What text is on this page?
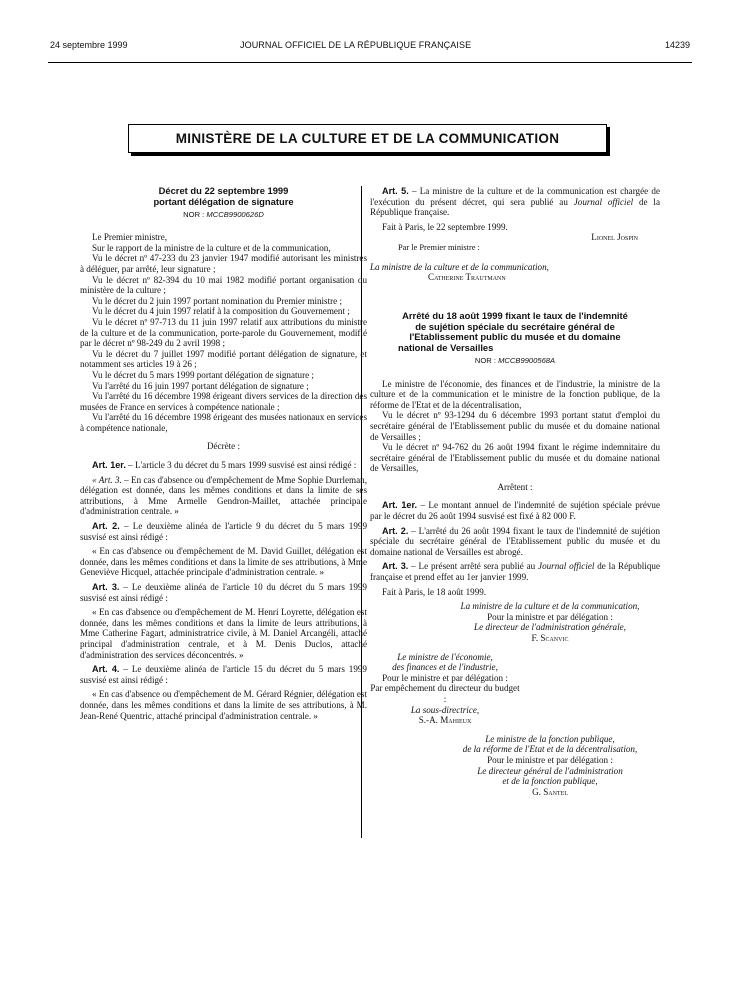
24 septembre 1999	JOURNAL OFFICIEL DE LA RÉPUBLIQUE FRANÇAISE	14239
MINISTÈRE DE LA CULTURE ET DE LA COMMUNICATION
Décret du 22 septembre 1999
portant délégation de signature
NOR : MCCB9900626D

Le Premier ministre,

Sur le rapport de la ministre de la culture et de la communication,

Vu le décret nº 47-233 du 23 janvier 1947 modifié autorisant les ministres à déléguer, par arrêté, leur signature ;

Vu le décret nº 82-394 du 10 mai 1982 modifié portant organisation du ministère de la culture ;

Vu le décret du 2 juin 1997 portant nomination du Premier ministre ;

Vu le décret du 4 juin 1997 relatif à la composition du Gouvernement ;

Vu le décret nº 97-713 du 11 juin 1997 relatif aux attributions du ministre de la culture et de la communication, porte-parole du Gouvernement, modifié par le décret nº 98-249 du 2 avril 1998 ;

Vu le décret du 7 juillet 1997 modifié portant délégation de signature, et notamment ses articles 19 à 26 ;

Vu le décret du 5 mars 1999 portant délégation de signature ;

Vu l'arrêté du 16 juin 1997 portant délégation de signature ;

Vu l'arrêté du 16 décembre 1998 érigeant divers services de la direction des musées de France en services à compétence nationale ;

Vu l'arrêté du 16 décembre 1998 érigeant des musées nationaux en services à compétence nationale,

Décrète :

Art. 1er. – L'article 3 du décret du 5 mars 1999 susvisé est ainsi rédigé :

« Art. 3. – En cas d'absence ou d'empêchement de Mme Sophie Durrleman, délégation est donnée, dans les mêmes conditions et dans la limite de ses attributions, à Mme Armelle Gendron-Maillet, attachée principale d'administration centrale. »

Art. 2. – Le deuxième alinéa de l'article 9 du décret du 5 mars 1999 susvisé est ainsi rédigé :

« En cas d'absence ou d'empêchement de M. David Guillet, délégation est donnée, dans les mêmes conditions et dans la limite de ses attributions, à Mme Geneviève Hicquel, attachée principale d'administration centrale. »

Art. 3. – Le deuxième alinéa de l'article 10 du décret du 5 mars 1999 susvisé est ainsi rédigé :

« En cas d'absence ou d'empêchement de M. Henri Loyrette, délégation est donnée, dans les mêmes conditions et dans la limite de leurs attributions, à Mme Catherine Fagart, administratrice civile, à M. Daniel Arcangéli, attaché principal d'administration centrale, et à M. Denis Duclos, attaché d'administration des services déconcentrés. »

Art. 4. – Le deuxième alinéa de l'article 15 du décret du 5 mars 1999 susvisé est ainsi rédigé :

« En cas d'absence ou d'empêchement de M. Gérard Régnier, délégation est donnée, dans les mêmes conditions et dans la limite de ses attributions, à M. Jean-René Quentric, attaché principal d'administration centrale. »

Art. 5. – La ministre de la culture et de la communication est chargée de l'exécution du présent décret, qui sera publié au Journal officiel de la République française.

Fait à Paris, le 22 septembre 1999.

Lionel Jospin
Par le Premier ministre :
La ministre de la culture et de la communication,
Catherine Trautmann
Arrêté du 18 août 1999 fixant le taux de l'indemnité
de sujétion spéciale du secrétaire général de
l'Etablissement public du musée et du domaine
national de Versailles
NOR : MCCB9900568A

Le ministre de l'économie, des finances et de l'industrie, la ministre de la culture et de la communication et le ministre de la fonction publique, de la réforme de l'Etat et de la décentralisation,

Vu le décret nº 93-1294 du 6 décembre 1993 portant statut d'emploi du secrétaire général de l'Etablissement public du musée et du domaine national de Versailles ;

Vu le décret nº 94-762 du 26 août 1994 fixant le régime indemnitaire du secrétaire général de l'Etablissement public du musée et du domaine national de Versailles,

Arrêtent :

Art. 1er. – Le montant annuel de l'indemnité de sujétion spéciale prévue par le décret du 26 août 1994 susvisé est fixé à 82 000 F.

Art. 2. – L'arrêté du 26 août 1994 fixant le taux de l'indemnité de sujétion spéciale du secrétaire général de l'Etablissement public du musée et du domaine national de Versailles est abrogé.

Art. 3. – Le présent arrêté sera publié au Journal officiel de la République française et prend effet au 1er janvier 1999.

Fait à Paris, le 18 août 1999.

La ministre de la culture et de la communication,
Pour la ministre et par délégation :
Le directeur de l'administration générale,
F. Scanvic
Le ministre de l'économie,
des finances et de l'industrie,
Pour le ministre et par délégation :
Par empêchement du directeur du budget :
La sous-directrice,
S.-A. Mahieux
Le ministre de la fonction publique,
de la réforme de l'Etat et de la décentralisation,
Pour le ministre et par délégation :
Le directeur général de l'administration
et de la fonction publique,
G. Santel
